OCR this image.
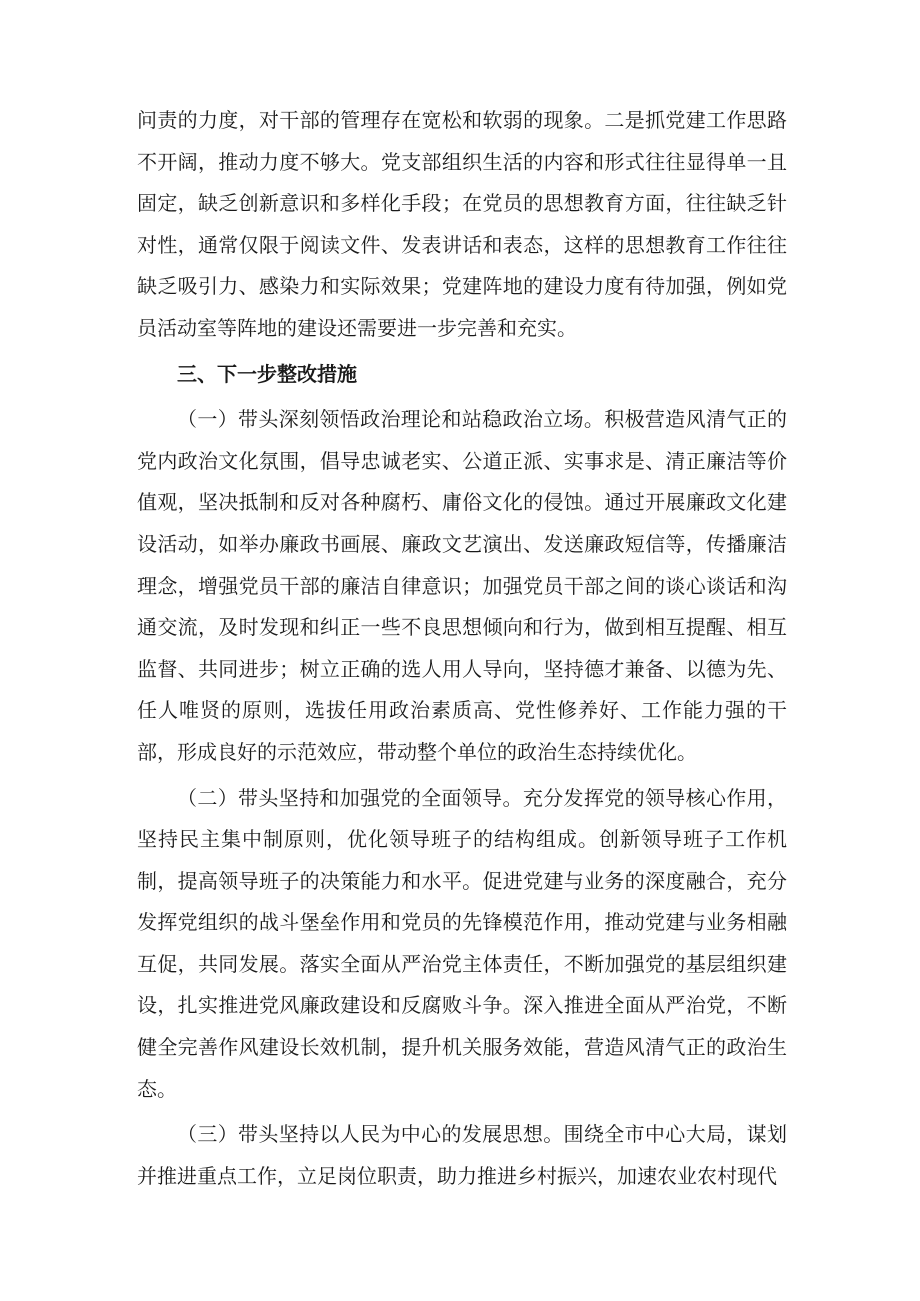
问责的力度，对干部的管理存在宽松和软弱的现象。二是抓党建工作思路不开阔，推动力度不够大。党支部组织生活的内容和形式往往显得单一且固定，缺乏创新意识和多样化手段；在党员的思想教育方面，往往缺乏针对性，通常仅限于阅读文件、发表讲话和表态，这样的思想教育工作往往缺乏吸引力、感染力和实际效果；党建阵地的建设力度有待加强，例如党员活动室等阵地的建设还需要进一步完善和充实。

三、下一步整改措施

（一）带头深刻领悟政治理论和站稳政治立场。积极营造风清气正的党内政治文化氛围，倡导忠诚老实、公道正派、实事求是、清正廉洁等价值观，坚决抵制和反对各种腐朽、庸俗文化的侵蚀。通过开展廉政文化建设活动，如举办廉政书画展、廉政文艺演出、发送廉政短信等，传播廉洁理念，增强党员干部的廉洁自律意识；加强党员干部之间的谈心谈话和沟通交流，及时发现和纠正一些不良思想倾向和行为，做到相互提醒、相互监督、共同进步；树立正确的选人用人导向，坚持德才兼备、以德为先、任人唯贤的原则，选拔任用政治素质高、党性修养好、工作能力强的干部，形成良好的示范效应，带动整个单位的政治生态持续优化。

（二）带头坚持和加强党的全面领导。充分发挥党的领导核心作用，坚持民主集中制原则，优化领导班子的结构组成。创新领导班子工作机制，提高领导班子的决策能力和水平。促进党建与业务的深度融合，充分发挥党组织的战斗堡垒作用和党员的先锋模范作用，推动党建与业务相融互促，共同发展。落实全面从严治党主体责任，不断加强党的基层组织建设，扎实推进党风廉政建设和反腐败斗争。深入推进全面从严治党，不断健全完善作风建设长效机制，提升机关服务效能，营造风清气正的政治生态。

（三）带头坚持以人民为中心的发展思想。围绕全市中心大局，谋划并推进重点工作，立足岗位职责，助力推进乡村振兴，加速农业农村现代
